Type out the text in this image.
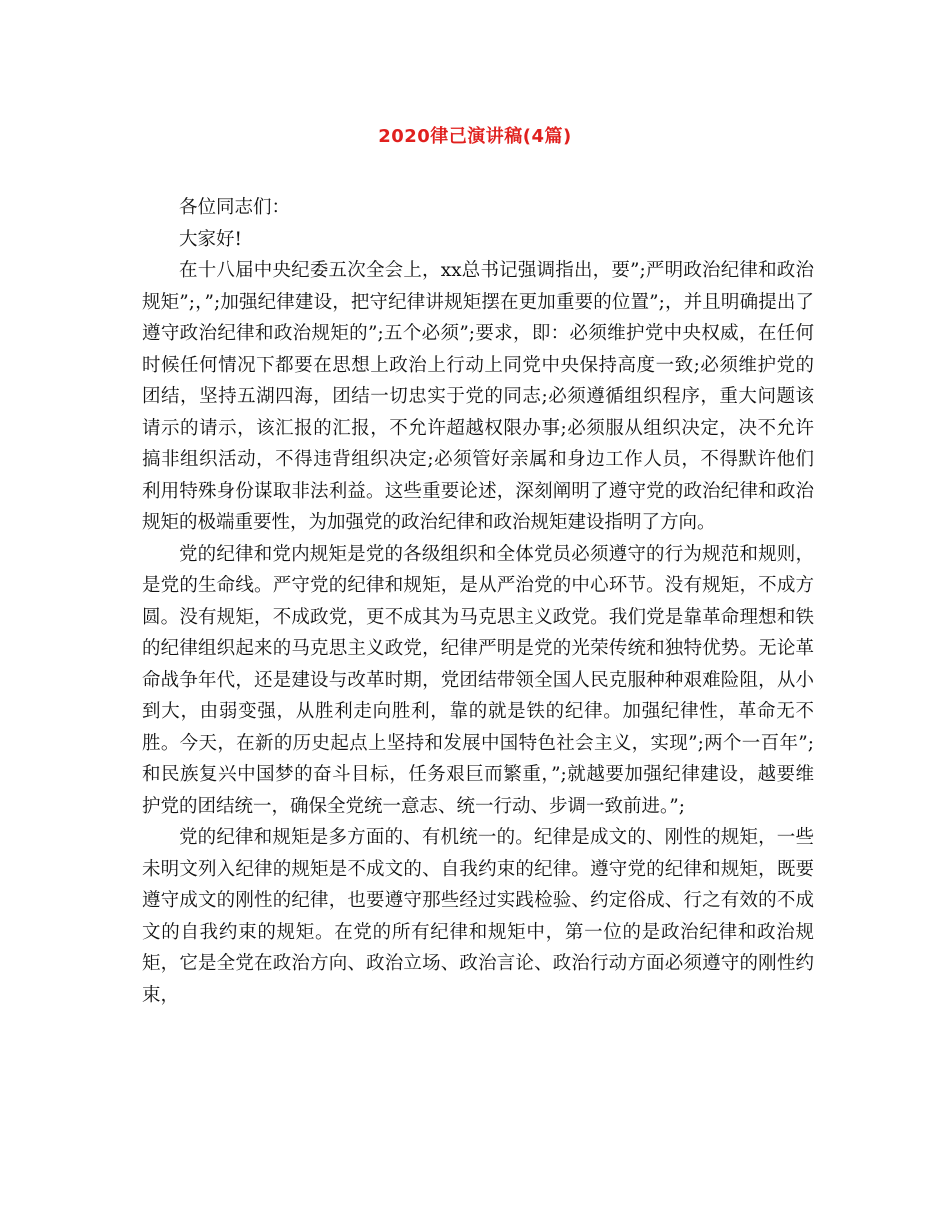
2020律己演讲稿(4篇)

各位同志们：

大家好!

在十八届中央纪委五次全会上，xx总书记强调指出，要”;严明政治纪律和政治规矩”;，”;加强纪律建设，把守纪律讲规矩摆在更加重要的位置”;，并且明确提出了遵守政治纪律和政治规矩的”;五个必须”;要求，即：必须维护党中央权威，在任何时候任何情况下都要在思想上政治上行动上同党中央保持高度一致;必须维护党的团结，坚持五湖四海，团结一切忠实于党的同志;必须遵循组织程序，重大问题该请示的请示，该汇报的汇报，不允许超越权限办事;必须服从组织决定，决不允许搞非组织活动，不得违背组织决定;必须管好亲属和身边工作人员，不得默许他们利用特殊身份谋取非法利益。这些重要论述，深刻阐明了遵守党的政治纪律和政治规矩的极端重要性，为加强党的政治纪律和政治规矩建设指明了方向。

党的纪律和党内规矩是党的各级组织和全体党员必须遵守的行为规范和规则，是党的生命线。严守党的纪律和规矩，是从严治党的中心环节。没有规矩，不成方圆。没有规矩，不成政党，更不成其为马克思主义政党。我们党是靠革命理想和铁的纪律组织起来的马克思主义政党，纪律严明是党的光荣传统和独特优势。无论革命战争年代，还是建设与改革时期，党团结带领全国人民克服种种艰难险阻，从小到大，由弱变强，从胜利走向胜利，靠的就是铁的纪律。加强纪律性，革命无不胜。今天，在新的历史起点上坚持和发展中国特色社会主义，实现”;两个一百年”;和民族复兴中国梦的奋斗目标，任务艰巨而繁重，”;就越要加强纪律建设，越要维护党的团结统一，确保全党统一意志、统一行动、步调一致前进。”;

党的纪律和规矩是多方面的、有机统一的。纪律是成文的、刚性的规矩，一些未明文列入纪律的规矩是不成文的、自我约束的纪律。遵守党的纪律和规矩，既要遵守成文的刚性的纪律，也要遵守那些经过实践检验、约定俗成、行之有效的不成文的自我约束的规矩。在党的所有纪律和规矩中，第一位的是政治纪律和政治规矩，它是全党在政治方向、政治立场、政治言论、政治行动方面必须遵守的刚性约束，
